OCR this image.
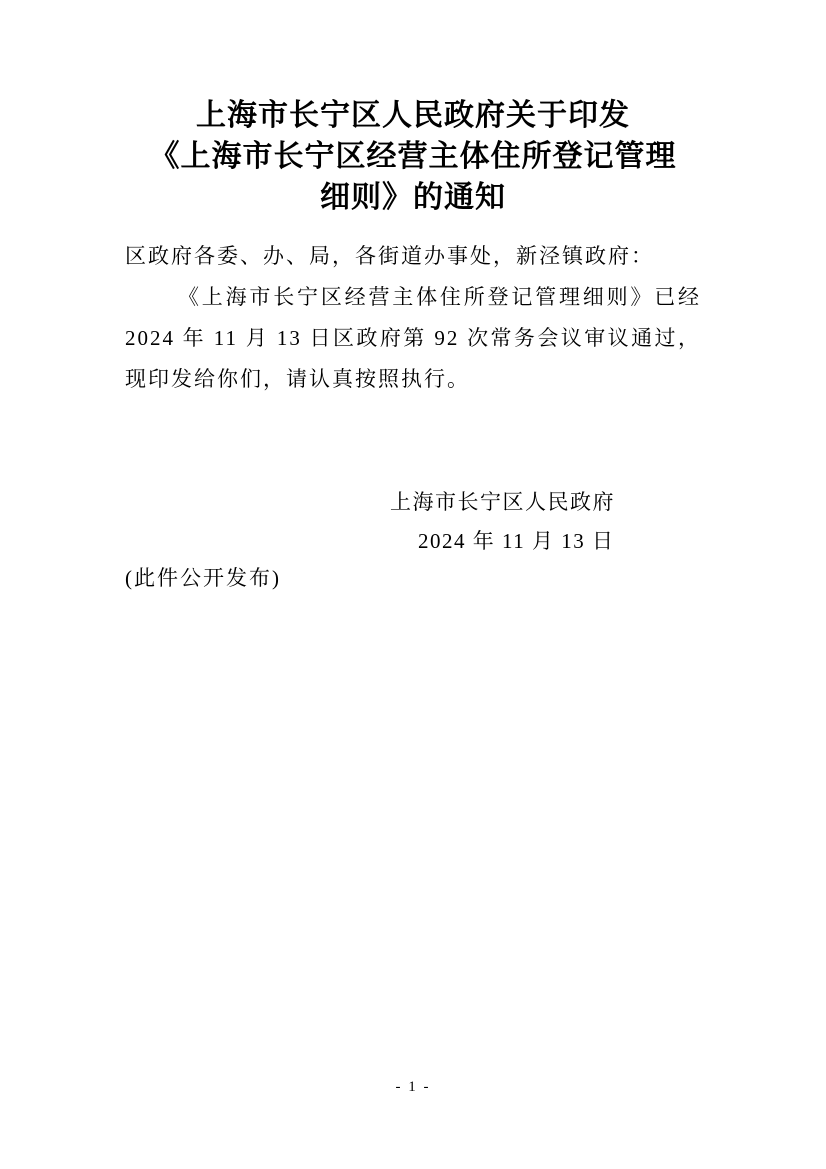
上海市长宁区人民政府关于印发
《上海市长宁区经营主体住所登记管理
细则》的通知

区政府各委、办、局，各街道办事处，新泾镇政府：

《上海市长宁区经营主体住所登记管理细则》已经 2024 年 11 月 13 日区政府第 92 次常务会议审议通过，现印发给你们，请认真按照执行。

上海市长宁区人民政府
2024 年 11 月 13 日
(此件公开发布)
- 1 -
